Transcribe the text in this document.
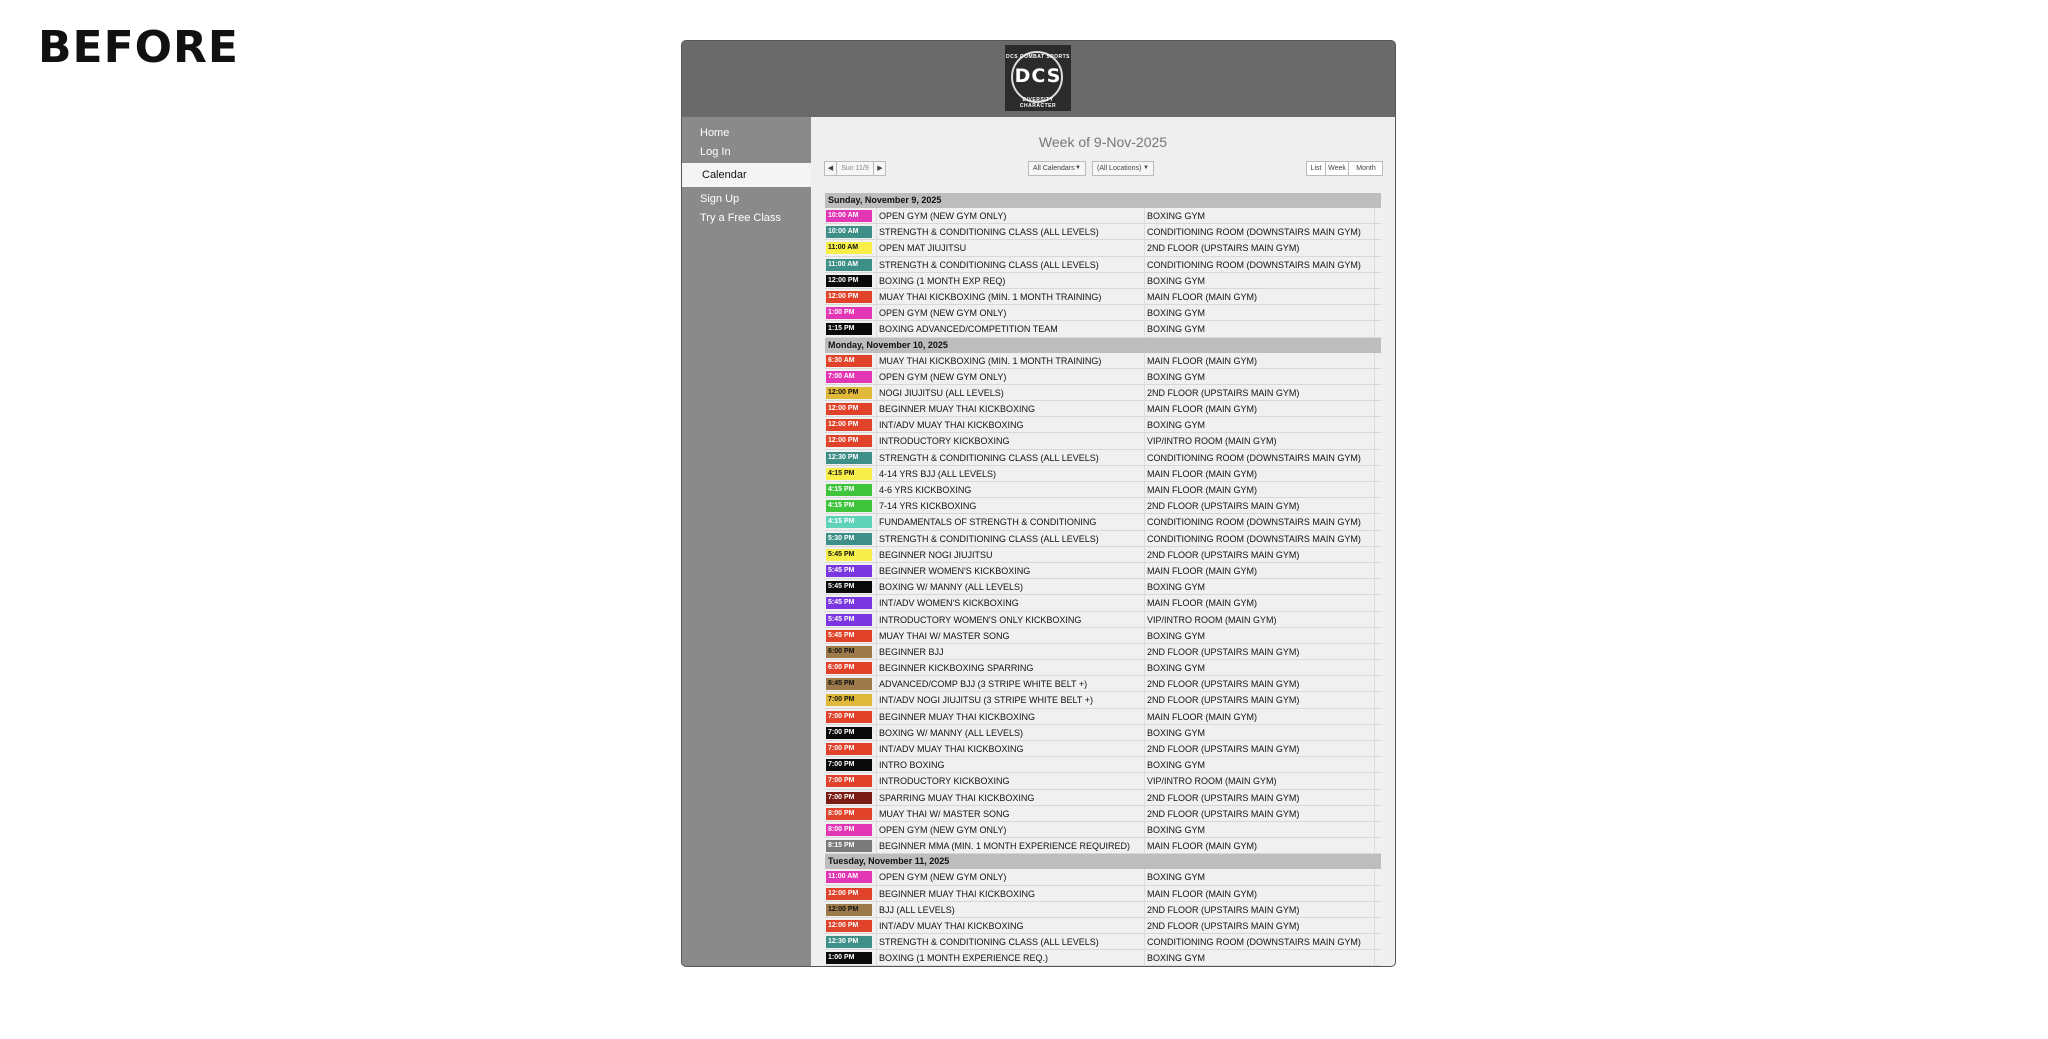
BEFORE	DCS COMBAT SPORTS
DCS
DIVERSITY CHARACTER
Home
Log In
Calendar
Sign Up
Try a Free Class
Week of 9-Nov-2025
◀	Sun 11/9	▶	All Calendars ▼	(All Locations) ▼	List Week	Month
Sunday, November 9, 2025
10:00 AM	OPEN GYM (NEW GYM ONLY)	BOXING GYM
10:00 AM	STRENGTH & CONDITIONING CLASS (ALL LEVELS)	CONDITIONING ROOM (DOWNSTAIRS MAIN GYM)
11:00 AM	OPEN MAT JIUJITSU	2ND FLOOR (UPSTAIRS MAIN GYM)
11:00 AM	STRENGTH & CONDITIONING CLASS (ALL LEVELS)	CONDITIONING ROOM (DOWNSTAIRS MAIN GYM)
12:00 PM	BOXING (1 MONTH EXP REQ)	BOXING GYM
12:00 PM	MUAY THAI KICKBOXING (MIN. 1 MONTH TRAINING)	MAIN FLOOR (MAIN GYM)
1:00 PM	OPEN GYM (NEW GYM ONLY)	BOXING GYM
1:15 PM	BOXING ADVANCED/COMPETITION TEAM	BOXING GYM
Monday, November 10, 2025
6:30 AM	MUAY THAI KICKBOXING (MIN. 1 MONTH TRAINING)	MAIN FLOOR (MAIN GYM)
7:00 AM	OPEN GYM (NEW GYM ONLY)	BOXING GYM
12:00 PM	NOGI JIUJITSU (ALL LEVELS)	2ND FLOOR (UPSTAIRS MAIN GYM)
12:00 PM	BEGINNER MUAY THAI KICKBOXING	MAIN FLOOR (MAIN GYM)
12:00 PM	INT/ADV MUAY THAI KICKBOXING	BOXING GYM
12:00 PM	INTRODUCTORY KICKBOXING	VIP/INTRO ROOM (MAIN GYM)
12:30 PM	STRENGTH & CONDITIONING CLASS (ALL LEVELS)	CONDITIONING ROOM (DOWNSTAIRS MAIN GYM)
4:15 PM	4-14 YRS BJJ (ALL LEVELS)	MAIN FLOOR (MAIN GYM)
4:15 PM	4-6 YRS KICKBOXING	MAIN FLOOR (MAIN GYM)
4:15 PM	7-14 YRS KICKBOXING	2ND FLOOR (UPSTAIRS MAIN GYM)
4:15 PM	FUNDAMENTALS OF STRENGTH & CONDITIONING	CONDITIONING ROOM (DOWNSTAIRS MAIN GYM)
5:30 PM	STRENGTH & CONDITIONING CLASS (ALL LEVELS)	CONDITIONING ROOM (DOWNSTAIRS MAIN GYM)
5:45 PM	BEGINNER NOGI JIUJITSU	2ND FLOOR (UPSTAIRS MAIN GYM)
5:45 PM	BEGINNER WOMEN'S KICKBOXING	MAIN FLOOR (MAIN GYM)
5:45 PM	BOXING W/ MANNY (ALL LEVELS)	BOXING GYM
5:45 PM	INT/ADV WOMEN'S KICKBOXING	MAIN FLOOR (MAIN GYM)
5:45 PM	INTRODUCTORY WOMEN'S ONLY KICKBOXING	VIP/INTRO ROOM (MAIN GYM)
5:45 PM	MUAY THAI W/ MASTER SONG	BOXING GYM
6:00 PM	BEGINNER BJJ	2ND FLOOR (UPSTAIRS MAIN GYM)
6:00 PM	BEGINNER KICKBOXING SPARRING	BOXING GYM
6:45 PM	ADVANCED/COMP BJJ (3 STRIPE WHITE BELT +)	2ND FLOOR (UPSTAIRS MAIN GYM)
7:00 PM	INT/ADV NOGI JIUJITSU (3 STRIPE WHITE BELT +)	2ND FLOOR (UPSTAIRS MAIN GYM)
7:00 PM	BEGINNER MUAY THAI KICKBOXING	MAIN FLOOR (MAIN GYM)
7:00 PM	BOXING W/ MANNY (ALL LEVELS)	BOXING GYM
7:00 PM	INT/ADV MUAY THAI KICKBOXING	2ND FLOOR (UPSTAIRS MAIN GYM)
7:00 PM	INTRO BOXING	BOXING GYM
7:00 PM	INTRODUCTORY KICKBOXING	VIP/INTRO ROOM (MAIN GYM)
7:00 PM	SPARRING MUAY THAI KICKBOXING	2ND FLOOR (UPSTAIRS MAIN GYM)
8:00 PM	MUAY THAI W/ MASTER SONG	2ND FLOOR (UPSTAIRS MAIN GYM)
8:00 PM	OPEN GYM (NEW GYM ONLY)	BOXING GYM
8:15 PM	BEGINNER MMA (MIN. 1 MONTH EXPERIENCE REQUIRED)	MAIN FLOOR (MAIN GYM)
Tuesday, November 11, 2025
11:00 AM	OPEN GYM (NEW GYM ONLY)	BOXING GYM
12:00 PM	BEGINNER MUAY THAI KICKBOXING	MAIN FLOOR (MAIN GYM)
12:00 PM	BJJ (ALL LEVELS)	2ND FLOOR (UPSTAIRS MAIN GYM)
12:00 PM	INT/ADV MUAY THAI KICKBOXING	2ND FLOOR (UPSTAIRS MAIN GYM)
12:30 PM	STRENGTH & CONDITIONING CLASS (ALL LEVELS)	CONDITIONING ROOM (DOWNSTAIRS MAIN GYM)
1:00 PM	BOXING (1 MONTH EXPERIENCE REQ.)	BOXING GYM
